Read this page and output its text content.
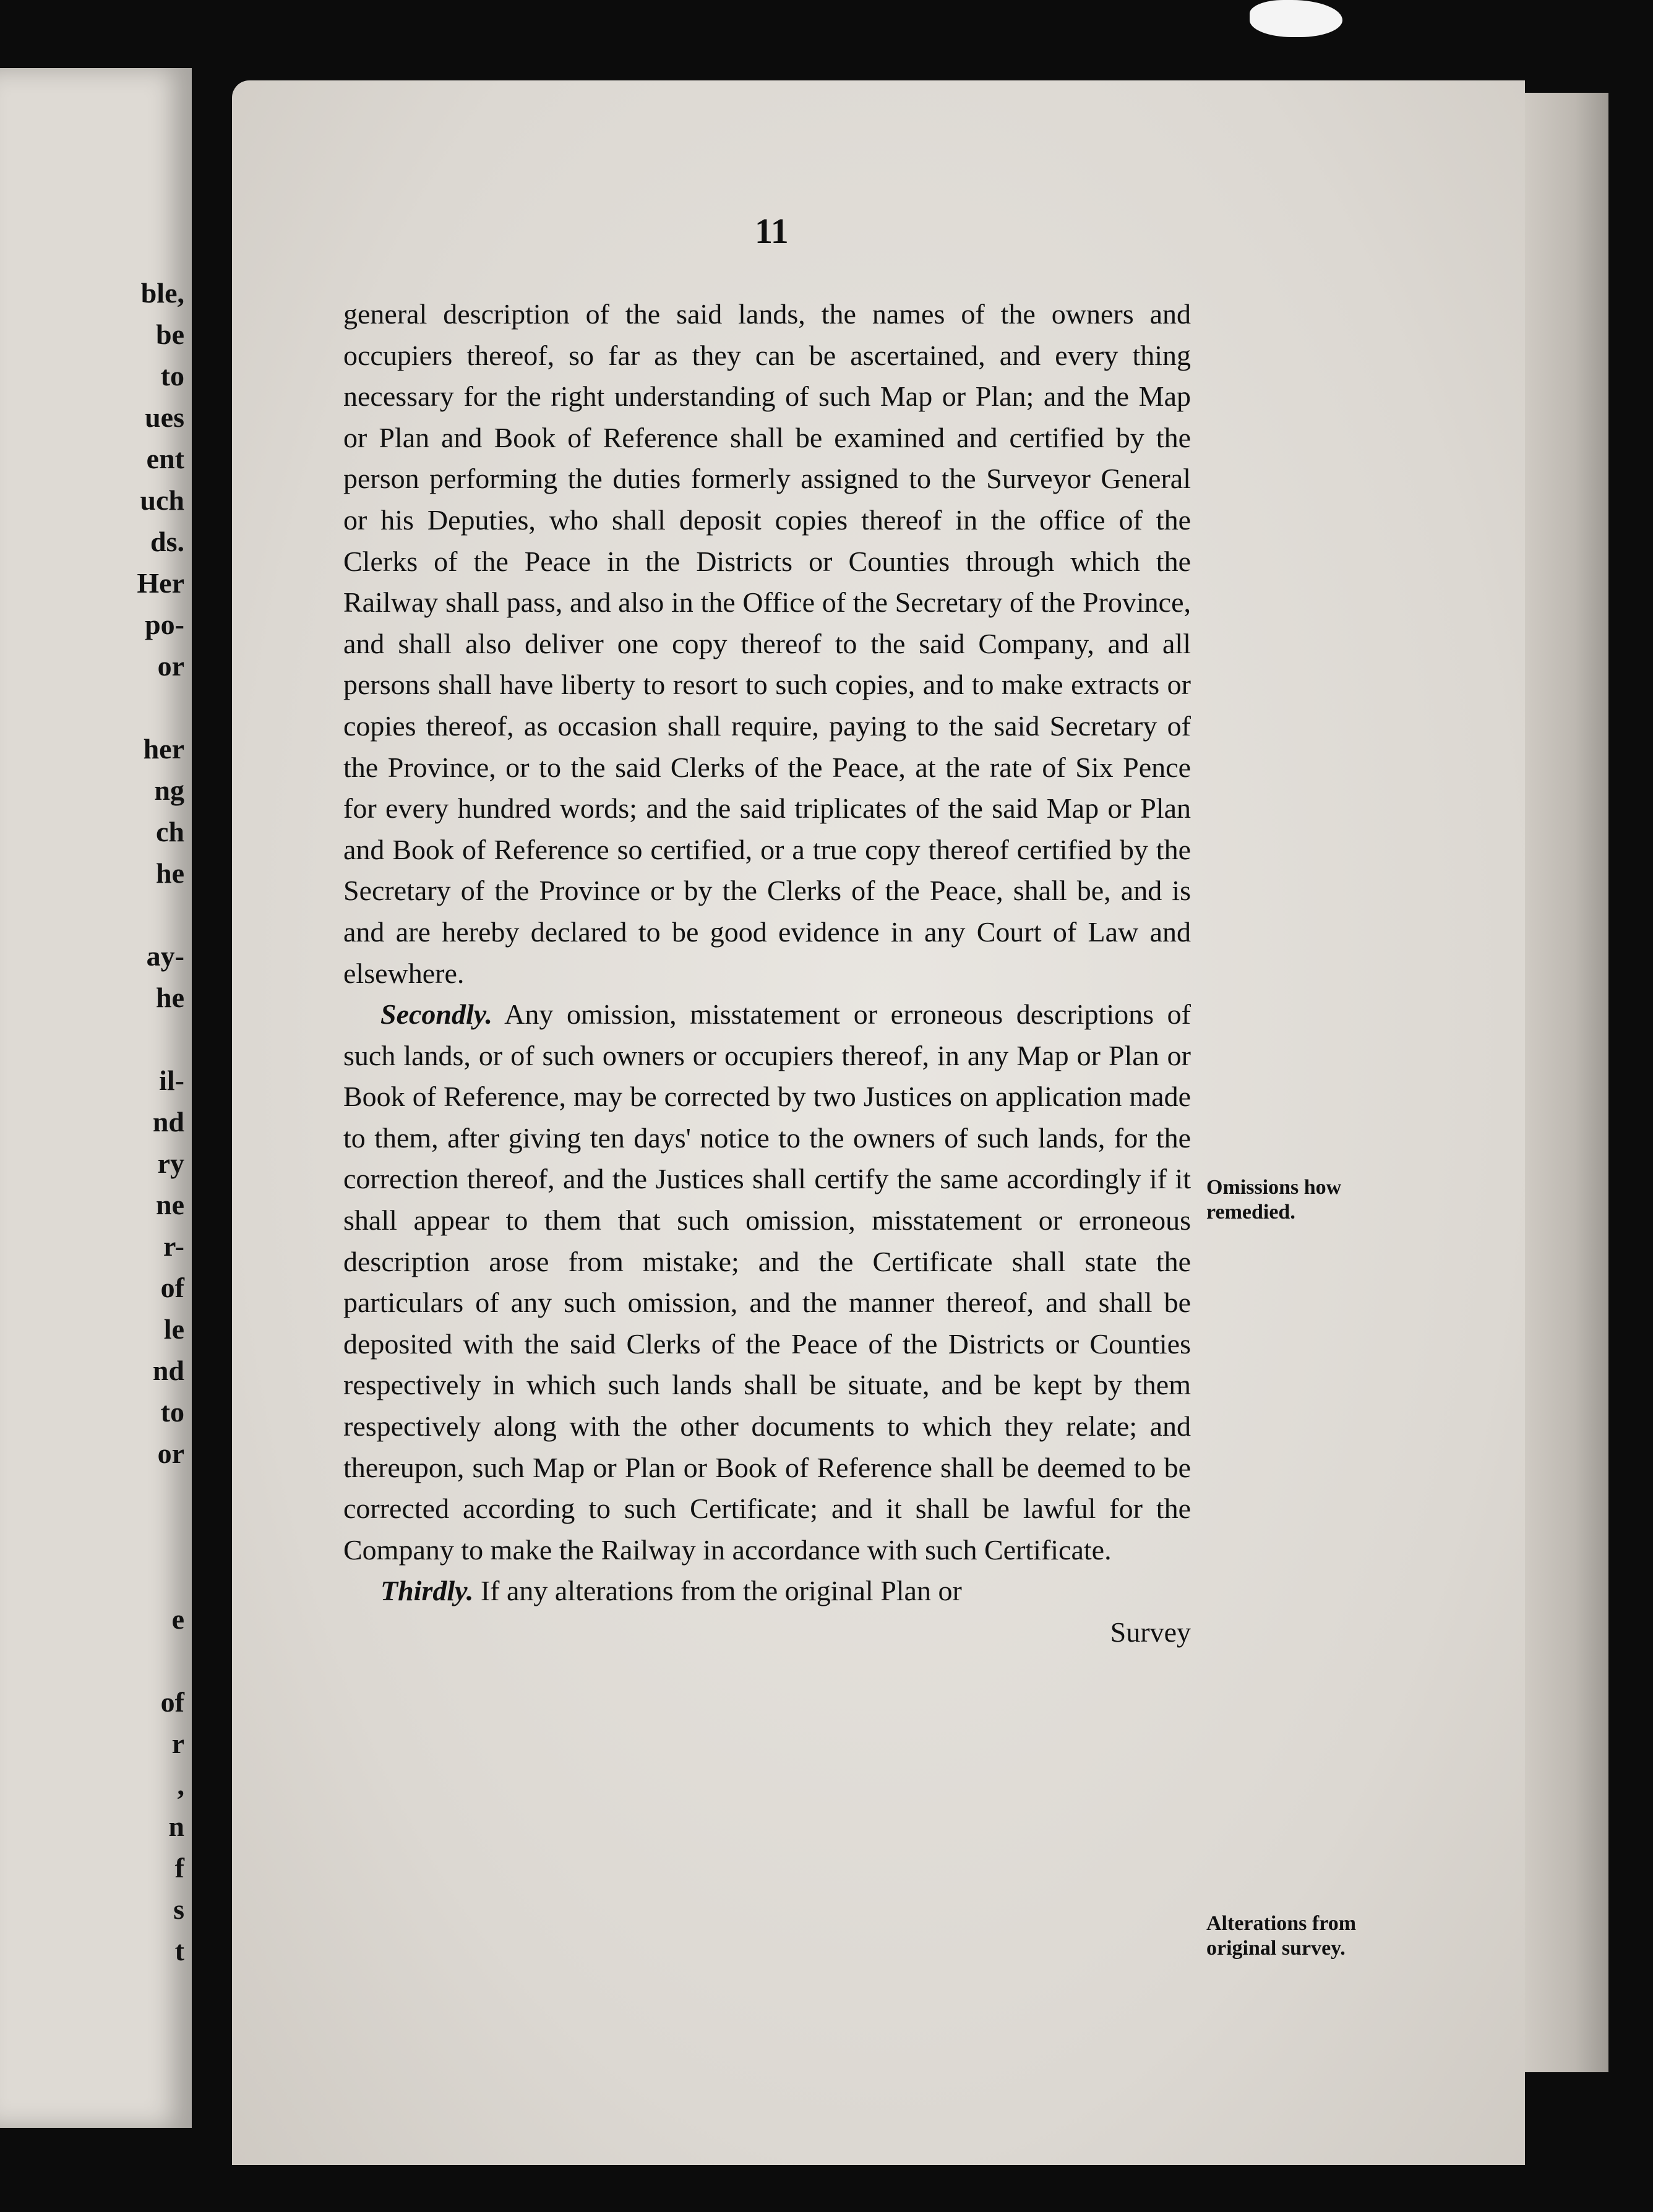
ble,
be
to
ues
ent
uch
ds.
Her
po-
or
her
ng
ch
he
ay-
he
il-
nd
ry
ne
r-
of
le
nd
to
or
e
of
r
,
n
f
s
t
11

general description of the said lands, the names of the owners and occupiers thereof, so far as they can be ascertained, and every thing necessary for the right understanding of such Map or Plan; and the Map or Plan and Book of Reference shall be examined and certified by the person performing the duties formerly assigned to the Surveyor General or his Deputies, who shall deposit copies thereof in the office of the Clerks of the Peace in the Districts or Counties through which the Railway shall pass, and also in the Office of the Secretary of the Province, and shall also deliver one copy thereof to the said Company, and all persons shall have liberty to resort to such copies, and to make extracts or copies thereof, as occasion shall require, paying to the said Secretary of the Province, or to the said Clerks of the Peace, at the rate of Six Pence for every hundred words; and the said triplicates of the said Map or Plan and Book of Reference so certified, or a true copy thereof certified by the Secretary of the Province or by the Clerks of the Peace, shall be, and is and are hereby declared to be good evidence in any Court of Law and elsewhere.

Secondly. Any omission, misstatement or erroneous descriptions of such lands, or of such owners or occupiers thereof, in any Map or Plan or Book of Reference, may be corrected by two Justices on application made to them, after giving ten days' notice to the owners of such lands, for the correction thereof, and the Justices shall certify the same accordingly if it shall appear to them that such omission, misstatement or erroneous description arose from mistake; and the Certificate shall state the particulars of any such omission, and the manner thereof, and shall be deposited with the said Clerks of the Peace of the Districts or Counties respectively in which such lands shall be situate, and be kept by them respectively along with the other documents to which they relate; and thereupon, such Map or Plan or Book of Reference shall be deemed to be corrected according to such Certificate; and it shall be lawful for the Company to make the Railway in accordance with such Certificate.

Thirdly. If any alterations from the original Plan or

Survey

Omissions how remedied.

Alterations from original survey.
